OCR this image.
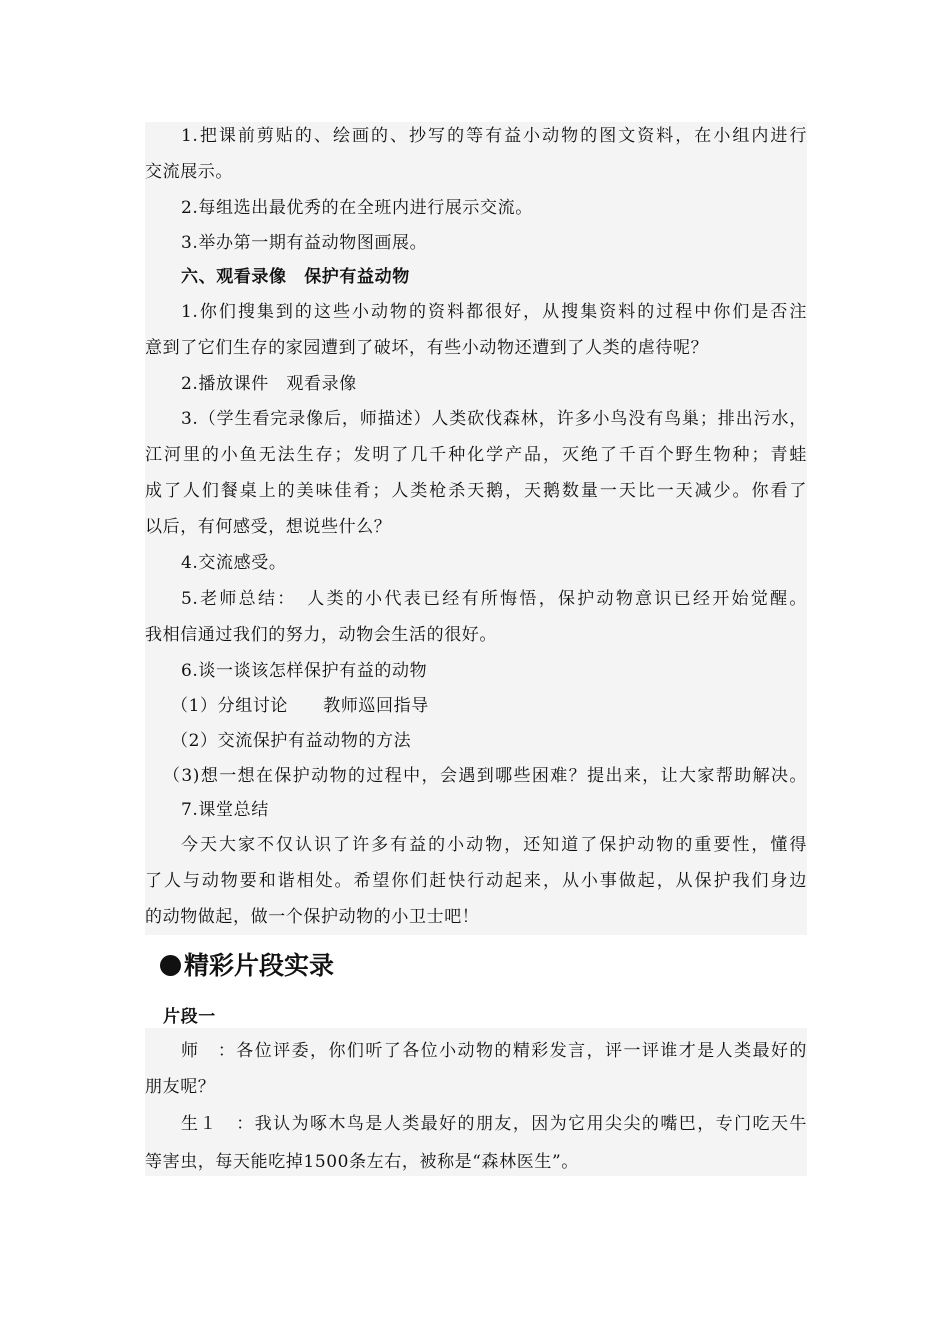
1.把课前剪贴的、绘画的、抄写的等有益小动物的图文资料，在小组内进行
交流展示。
2.每组选出最优秀的在全班内进行展示交流。
3.举办第一期有益动物图画展。
六、观看录像　保护有益动物
1.你们搜集到的这些小动物的资料都很好，从搜集资料的过程中你们是否注
意到了它们生存的家园遭到了破坏，有些小动物还遭到了人类的虐待呢？
2.播放课件　观看录像
3.（学生看完录像后，师描述）人类砍伐森林，许多小鸟没有鸟巢；排出污水，
江河里的小鱼无法生存；发明了几千种化学产品，灭绝了千百个野生物种；青蛙
成了人们餐桌上的美味佳肴；人类枪杀天鹅，天鹅数量一天比一天减少。你看了
以后，有何感受，想说些什么？
4.交流感受。
5.老师总结：　人类的小代表已经有所悔悟，保护动物意识已经开始觉醒。
我相信通过我们的努力，动物会生活的很好。
6.谈一谈该怎样保护有益的动物
（1）分组讨论　　教师巡回指导
（2）交流保护有益动物的方法
（3)想一想在保护动物的过程中，会遇到哪些困难？提出来，让大家帮助解决。
7.课堂总结
今天大家不仅认识了许多有益的小动物，还知道了保护动物的重要性，懂得
了人与动物要和谐相处。希望你们赶快行动起来，从小事做起，从保护我们身边
的动物做起，做一个保护动物的小卫士吧！
精彩片段实录
片段一
师　：各位评委，你们听了各位小动物的精彩发言，评一评谁才是人类最好的
朋友呢？
生１　：我认为啄木鸟是人类最好的朋友，因为它用尖尖的嘴巴，专门吃天牛
等害虫，每天能吃掉1500条左右，被称是“森林医生”。
